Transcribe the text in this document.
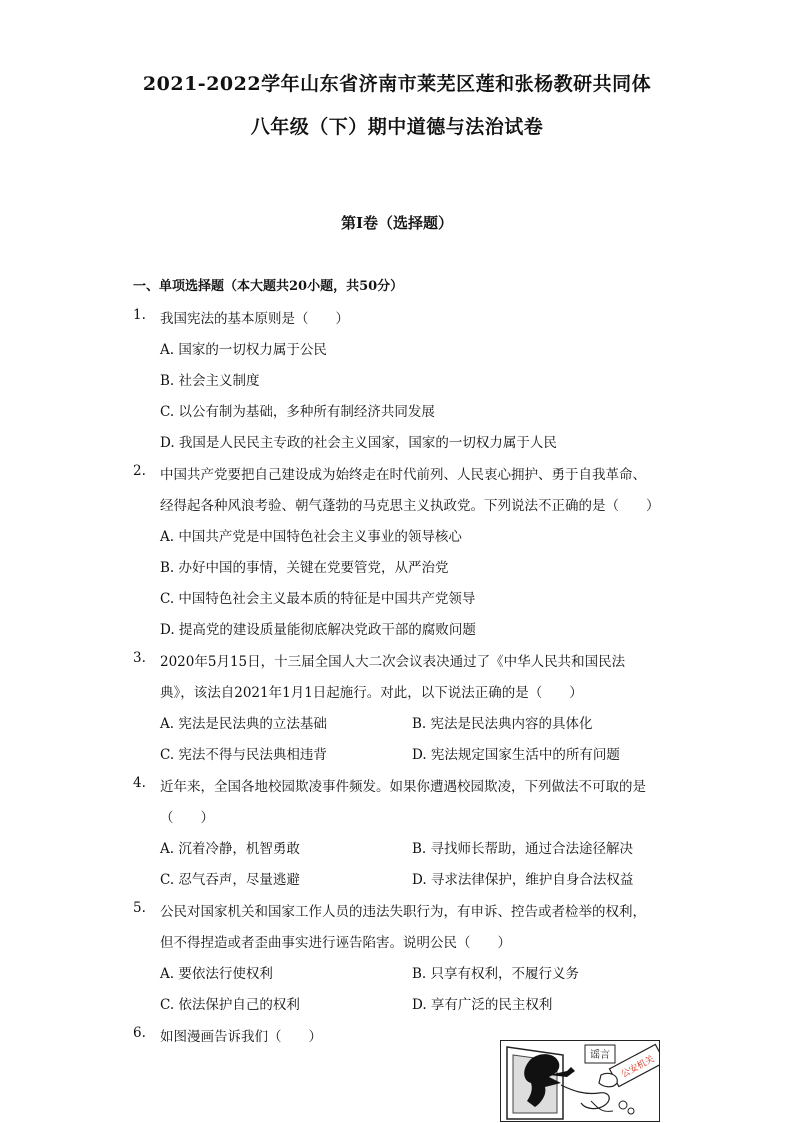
2021-2022学年山东省济南市莱芜区莲和张杨教研共同体
八年级（下）期中道德与法治试卷
第Ⅰ卷（选择题）
一、单项选择题（本大题共20小题，共50分）
1. 我国宪法的基本原则是（　　）
A. 国家的一切权力属于公民
B. 社会主义制度
C. 以公有制为基础，多种所有制经济共同发展
D. 我国是人民民主专政的社会主义国家，国家的一切权力属于人民
2. 中国共产党要把自己建设成为始终走在时代前列、人民衷心拥护、勇于自我革命、
经得起各种风浪考验、朝气蓬勃的马克思主义执政党。下列说法不正确的是（　　）
A. 中国共产党是中国特色社会主义事业的领导核心
B. 办好中国的事情，关键在党要管党，从严治党
C. 中国特色社会主义最本质的特征是中国共产党领导
D. 提高党的建设质量能彻底解决党政干部的腐败问题
3. 2020年5月15日，十三届全国人大二次会议表决通过了《中华人民共和国民法
典》，该法自2021年1月1日起施行。对此，以下说法正确的是（　　）
A. 宪法是民法典的立法基础	B. 宪法是民法典内容的具体化
C. 宪法不得与民法典相违背	D. 宪法规定国家生活中的所有问题
4. 近年来，全国各地校园欺凌事件频发。如果你遭遇校园欺凌，下列做法不可取的是
（　　）
A. 沉着冷静，机智勇敢	B. 寻找师长帮助，通过合法途径解决
C. 忍气吞声，尽量逃避	D. 寻求法律保护，维护自身合法权益
5. 公民对国家机关和国家工作人员的违法失职行为，有申诉、控告或者检举的权利，
但不得捏造或者歪曲事实进行诬告陷害。说明公民（　　）
A. 要依法行使权利	B. 只享有权利，不履行义务
C. 依法保护自己的权利	D. 享有广泛的民主权利
6. 如图漫画告诉我们（　　）
谣言 公安机关
